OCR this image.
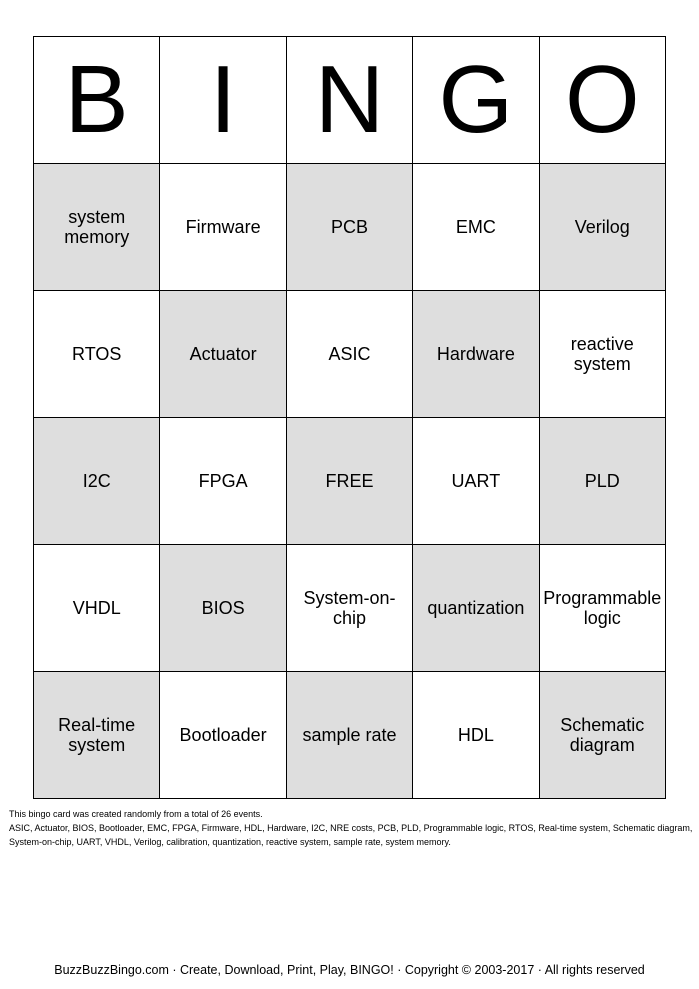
B	I	N	G	O
system memory	Firmware	PCB	EMC	Verilog
RTOS	Actuator	ASIC	Hardware	reactive system
I2C	FPGA	FREE	UART	PLD
VHDL	BIOS	System-on-chip	quantization	Programmable logic
Real-time system	Bootloader	sample rate	HDL	Schematic diagram
This bingo card was created randomly from a total of 26 events.
ASIC, Actuator, BIOS, Bootloader, EMC, FPGA, Firmware, HDL, Hardware, I2C, NRE costs, PCB, PLD, Programmable logic, RTOS, Real-time system, Schematic diagram, System-on-chip, UART, VHDL, Verilog, calibration, quantization, reactive system, sample rate, system memory.
BuzzBuzzBingo.com · Create, Download, Print, Play, BINGO! · Copyright © 2003-2017 · All rights reserved
